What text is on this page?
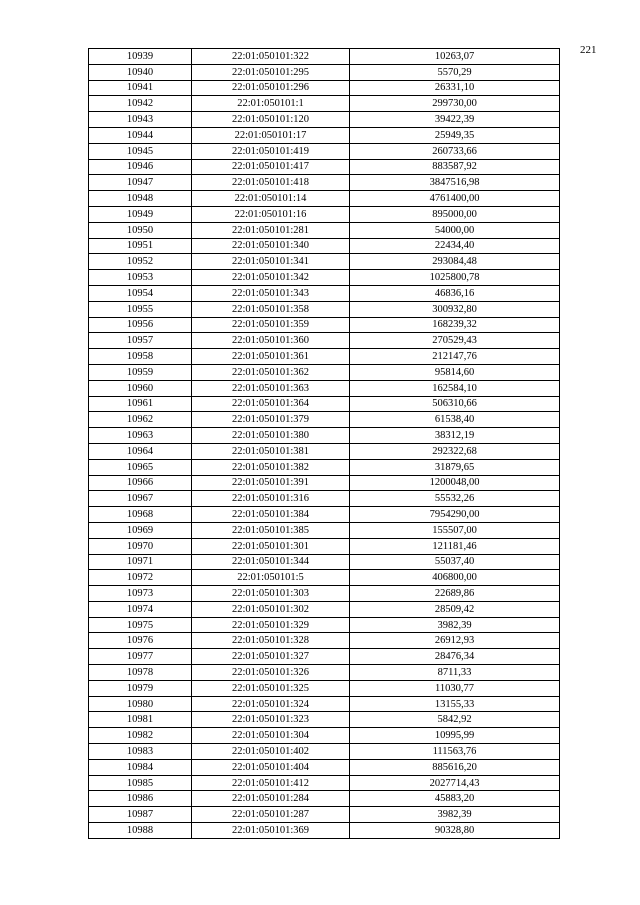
221
10939	22:01:050101:322	10263,07
10940	22:01:050101:295	5570,29
10941	22:01:050101:296	26331,10
10942	22:01:050101:1	299730,00
10943	22:01:050101:120	39422,39
10944	22:01:050101:17	25949,35
10945	22:01:050101:419	260733,66
10946	22:01:050101:417	883587,92
10947	22:01:050101:418	3847516,98
10948	22:01:050101:14	4761400,00
10949	22:01:050101:16	895000,00
10950	22:01:050101:281	54000,00
10951	22:01:050101:340	22434,40
10952	22:01:050101:341	293084,48
10953	22:01:050101:342	1025800,78
10954	22:01:050101:343	46836,16
10955	22:01:050101:358	300932,80
10956	22:01:050101:359	168239,32
10957	22:01:050101:360	270529,43
10958	22:01:050101:361	212147,76
10959	22:01:050101:362	95814,60
10960	22:01:050101:363	162584,10
10961	22:01:050101:364	506310,66
10962	22:01:050101:379	61538,40
10963	22:01:050101:380	38312,19
10964	22:01:050101:381	292322,68
10965	22:01:050101:382	31879,65
10966	22:01:050101:391	1200048,00
10967	22:01:050101:316	55532,26
10968	22:01:050101:384	7954290,00
10969	22:01:050101:385	155507,00
10970	22:01:050101:301	121181,46
10971	22:01:050101:344	55037,40
10972	22:01:050101:5	406800,00
10973	22:01:050101:303	22689,86
10974	22:01:050101:302	28509,42
10975	22:01:050101:329	3982,39
10976	22:01:050101:328	26912,93
10977	22:01:050101:327	28476,34
10978	22:01:050101:326	8711,33
10979	22:01:050101:325	11030,77
10980	22:01:050101:324	13155,33
10981	22:01:050101:323	5842,92
10982	22:01:050101:304	10995,99
10983	22:01:050101:402	111563,76
10984	22:01:050101:404	885616,20
10985	22:01:050101:412	2027714,43
10986	22:01:050101:284	45883,20
10987	22:01:050101:287	3982,39
10988	22:01:050101:369	90328,80
